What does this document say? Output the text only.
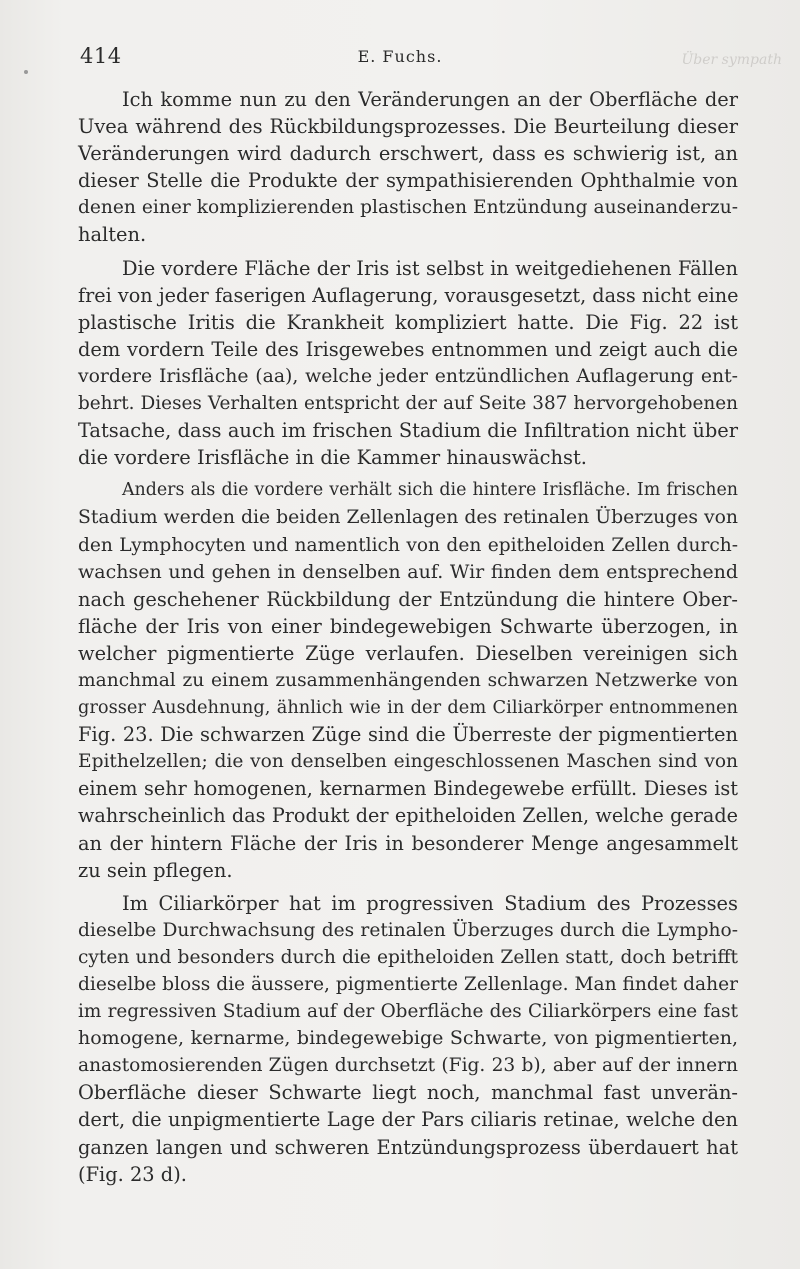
414	E. Fuchs.	Über sympath
Ich komme nun zu den Veränderungen an der Oberfläche der
Uvea während des Rückbildungsprozesses. Die Beurteilung dieser
Veränderungen wird dadurch erschwert, dass es schwierig ist, an
dieser Stelle die Produkte der sympathisierenden Ophthalmie von
denen einer komplizierenden plastischen Entzündung auseinanderzu-
halten.
Die vordere Fläche der Iris ist selbst in weitgediehenen Fällen
frei von jeder faserigen Auflagerung, vorausgesetzt, dass nicht eine
plastische Iritis die Krankheit kompliziert hatte. Die Fig. 22 ist
dem vordern Teile des Irisgewebes entnommen und zeigt auch die
vordere Irisfläche (aa), welche jeder entzündlichen Auflagerung ent-
behrt. Dieses Verhalten entspricht der auf Seite 387 hervorgehobenen
Tatsache, dass auch im frischen Stadium die Infiltration nicht über
die vordere Irisfläche in die Kammer hinauswächst.
Anders als die vordere verhält sich die hintere Irisfläche. Im frischen
Stadium werden die beiden Zellenlagen des retinalen Überzuges von
den Lymphocyten und namentlich von den epitheloiden Zellen durch-
wachsen und gehen in denselben auf. Wir finden dem entsprechend
nach geschehener Rückbildung der Entzündung die hintere Ober-
fläche der Iris von einer bindegewebigen Schwarte überzogen, in
welcher pigmentierte Züge verlaufen. Dieselben vereinigen sich
manchmal zu einem zusammenhängenden schwarzen Netzwerke von
grosser Ausdehnung, ähnlich wie in der dem Ciliarkörper entnommenen
Fig. 23. Die schwarzen Züge sind die Überreste der pigmentierten
Epithelzellen; die von denselben eingeschlossenen Maschen sind von
einem sehr homogenen, kernarmen Bindegewebe erfüllt. Dieses ist
wahrscheinlich das Produkt der epitheloiden Zellen, welche gerade
an der hintern Fläche der Iris in besonderer Menge angesammelt
zu sein pflegen.
Im Ciliarkörper hat im progressiven Stadium des Prozesses
dieselbe Durchwachsung des retinalen Überzuges durch die Lympho-
cyten und besonders durch die epitheloiden Zellen statt, doch betrifft
dieselbe bloss die äussere, pigmentierte Zellenlage. Man findet daher
im regressiven Stadium auf der Oberfläche des Ciliarkörpers eine fast
homogene, kernarme, bindegewebige Schwarte, von pigmentierten,
anastomosierenden Zügen durchsetzt (Fig. 23 b), aber auf der innern
Oberfläche dieser Schwarte liegt noch, manchmal fast unverän-
dert, die unpigmentierte Lage der Pars ciliaris retinae, welche den
ganzen langen und schweren Entzündungsprozess überdauert hat
(Fig. 23 d).
